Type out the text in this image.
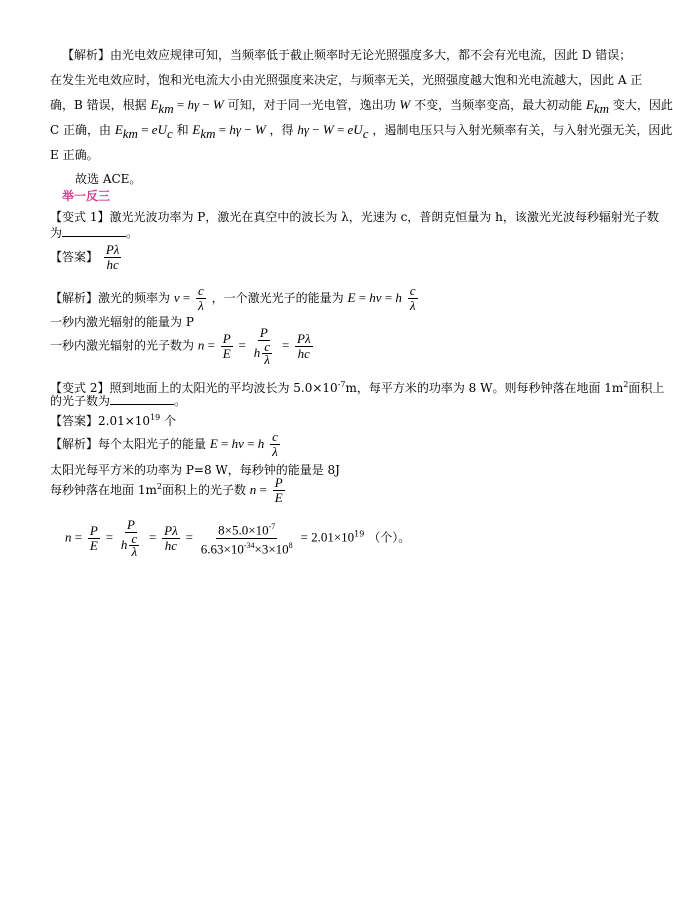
【解析】由光电效应规律可知，当频率低于截止频率时无论光照强度多大，都不会有光电流，因此 D 错误；
在发生光电效应时，饱和光电流大小由光照强度来决定，与频率无关，光照强度越大饱和光电流越大，因此 A 正
确，B 错误，根据 $E_{km} = h\gamma - W$ 可知，对于同一光电管，逸出功 W 不变，当频率变高，最大初动能 $E_{km}$ 变大，因此
C 正确，由 $E_{km} = eU_c$ 和 $E_{km} = h\gamma - W$ ，得 $h\gamma - W = eU_c$ ，遏制电压只与入射光频率有关，与入射光强无关，因此
E 正确。
故选 ACE。
举一反三
【变式 1】激光光波功率为 P，激光在真空中的波长为 λ，光速为 c，普朗克恒量为 h，该激光光波每秒辐射光子数
为	。
【答案】 $\frac{P\lambda}{hc}$
【解析】激光的频率为 $\nu = \frac{c}{\lambda}$ ，一个激光光子的能量为 E = hν = h $\frac{c}{\lambda}$
一秒内激光辐射的能量为 P
一秒内激光辐射的光子数为 $n = \frac{P}{E} = \frac{P}{h \frac{c}{\lambda}} = \frac{P\lambda}{hc}$
【变式 2】照到地面上的太阳光的平均波长为 $5.0\times 10^{-7}m$，每平方米的功率为 8 W。则每秒钟落在地面 $1m^2$面积上
的光子数为	。
【答案】$2.01\times 10^{19}$ 个
【解析】每个太阳光子的能量 E = hν = h $\frac{c}{\lambda}$
太阳光每平方米的功率为 P=8 W，每秒钟的能量是 8J
每秒钟落在地面 $1m^2$面积上的光子数 $n = \frac{P}{E}$
$n = \frac{P}{E} = \frac{P}{h \frac{c}{\lambda}} = \frac{P\lambda}{hc} = \frac{8\times 5.0\times 10^{-7}}{6.63\times 10^{-34}\times 3\times 10^8} = 2.01\times 10^{19}$ （个）。
